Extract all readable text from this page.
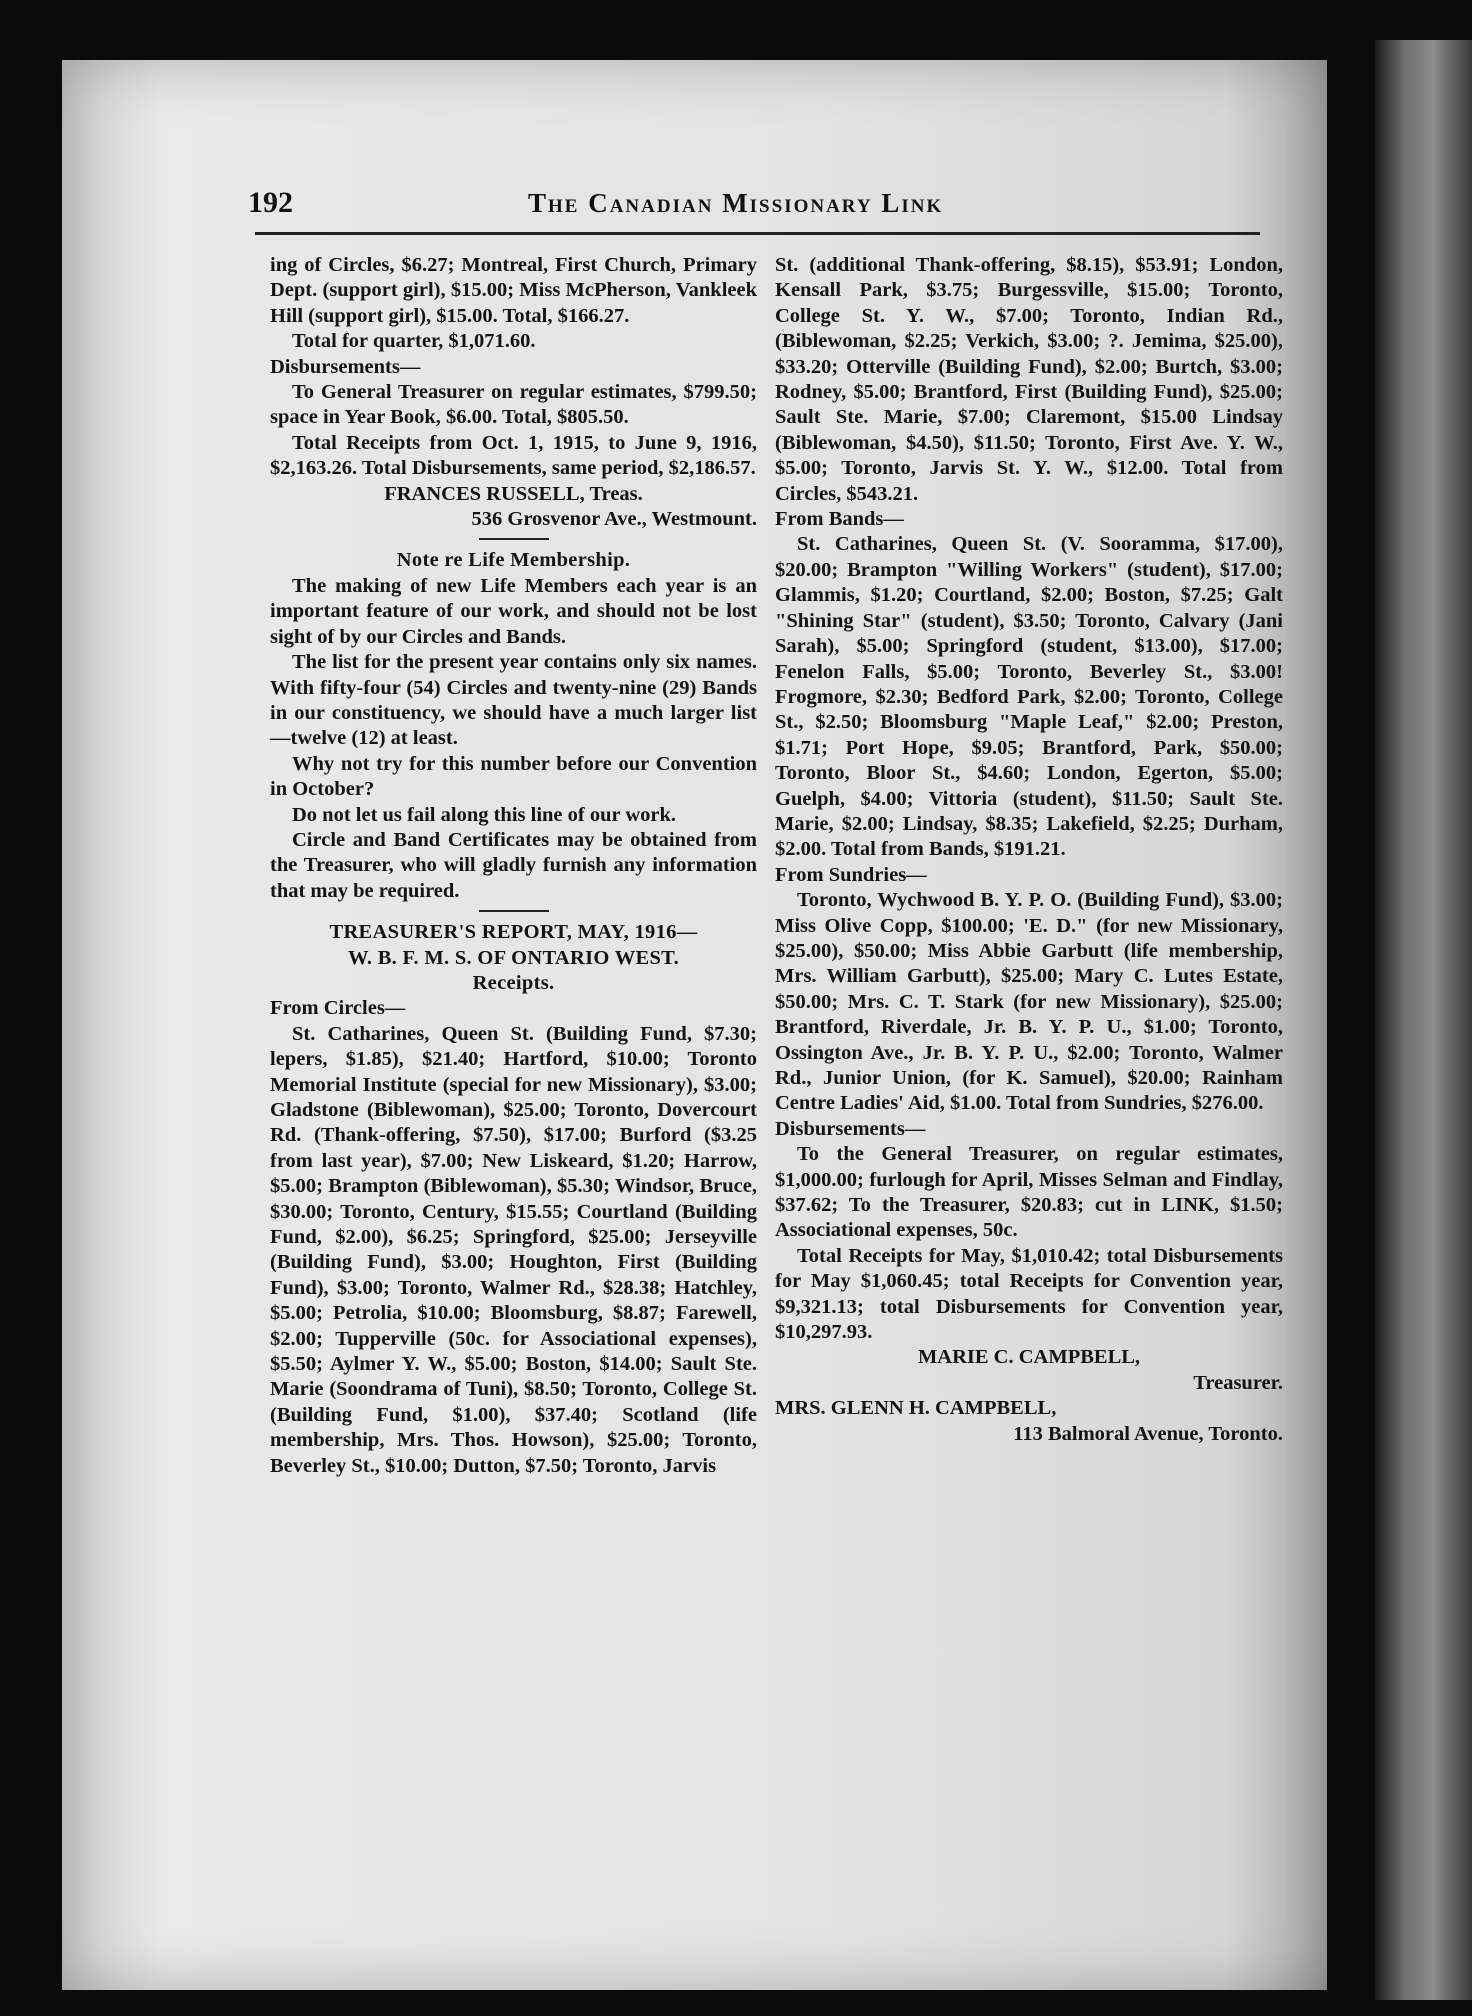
192	The Canadian Missionary Link

ing of Circles, $6.27; Montreal, First Church, Primary Dept. (support girl), $15.00; Miss McPherson, Vankleek Hill (support girl), $15.00. Total, $166.27.

Total for quarter, $1,071.60.

Disbursements—

To General Treasurer on regular estimates, $799.50; space in Year Book, $6.00. Total, $805.50.

Total Receipts from Oct. 1, 1915, to June 9, 1916, $2,163.26. Total Disbursements, same period, $2,186.57.

FRANCES RUSSELL, Treas.

536 Grosvenor Ave., Westmount.

Note re Life Membership.

The making of new Life Members each year is an important feature of our work, and should not be lost sight of by our Circles and Bands.

The list for the present year contains only six names. With fifty-four (54) Circles and twenty-nine (29) Bands in our constituency, we should have a much larger list—twelve (12) at least.

Why not try for this number before our Convention in October?

Do not let us fail along this line of our work.

Circle and Band Certificates may be obtained from the Treasurer, who will gladly furnish any information that may be required.

TREASURER'S REPORT, MAY, 1916—

W. B. F. M. S. OF ONTARIO WEST.

Receipts.

From Circles—

St. Catharines, Queen St. (Building Fund, $7.30; lepers, $1.85), $21.40; Hartford, $10.00; Toronto Memorial Institute (special for new Missionary), $3.00; Gladstone (Biblewoman), $25.00; Toronto, Dovercourt Rd. (Thank-offering, $7.50), $17.00; Burford ($3.25 from last year), $7.00; New Liskeard, $1.20; Harrow, $5.00; Brampton (Biblewoman), $5.30; Windsor, Bruce, $30.00; Toronto, Century, $15.55; Courtland (Building Fund, $2.00), $6.25; Springford, $25.00; Jerseyville (Building Fund), $3.00; Houghton, First (Building Fund), $3.00; Toronto, Walmer Rd., $28.38; Hatchley, $5.00; Petrolia, $10.00; Bloomsburg, $8.87; Farewell, $2.00; Tupperville (50c. for Associational expenses), $5.50; Aylmer Y. W., $5.00; Boston, $14.00; Sault Ste. Marie (Soondrama of Tuni), $8.50; Toronto, College St. (Building Fund, $1.00), $37.40; Scotland (life membership, Mrs. Thos. Howson), $25.00; Toronto, Beverley St., $10.00; Dutton, $7.50; Toronto, Jarvis

St. (additional Thank-offering, $8.15), $53.91; London, Kensall Park, $3.75; Burgessville, $15.00; Toronto, College St. Y. W., $7.00; Toronto, Indian Rd., (Biblewoman, $2.25; Verkich, $3.00; ?. Jemima, $25.00), $33.20; Otterville (Building Fund), $2.00; Burtch, $3.00; Rodney, $5.00; Brantford, First (Building Fund), $25.00; Sault Ste. Marie, $7.00; Claremont, $15.00 Lindsay (Biblewoman, $4.50), $11.50; Toronto, First Ave. Y. W., $5.00; Toronto, Jarvis St. Y. W., $12.00. Total from Circles, $543.21.

From Bands—

St. Catharines, Queen St. (V. Sooramma, $17.00), $20.00; Brampton "Willing Workers" (student), $17.00; Glammis, $1.20; Courtland, $2.00; Boston, $7.25; Galt "Shining Star" (student), $3.50; Toronto, Calvary (Jani Sarah), $5.00; Springford (student, $13.00), $17.00; Fenelon Falls, $5.00; Toronto, Beverley St., $3.00! Frogmore, $2.30; Bedford Park, $2.00; Toronto, College St., $2.50; Bloomsburg "Maple Leaf," $2.00; Preston, $1.71; Port Hope, $9.05; Brantford, Park, $50.00; Toronto, Bloor St., $4.60; London, Egerton, $5.00; Guelph, $4.00; Vittoria (student), $11.50; Sault Ste. Marie, $2.00; Lindsay, $8.35; Lakefield, $2.25; Durham, $2.00. Total from Bands, $191.21.

From Sundries—

Toronto, Wychwood B. Y. P. O. (Building Fund), $3.00; Miss Olive Copp, $100.00; 'E. D." (for new Missionary, $25.00), $50.00; Miss Abbie Garbutt (life membership, Mrs. William Garbutt), $25.00; Mary C. Lutes Estate, $50.00; Mrs. C. T. Stark (for new Missionary), $25.00; Brantford, Riverdale, Jr. B. Y. P. U., $1.00; Toronto, Ossington Ave., Jr. B. Y. P. U., $2.00; Toronto, Walmer Rd., Junior Union, (for K. Samuel), $20.00; Rainham Centre Ladies' Aid, $1.00. Total from Sundries, $276.00.

Disbursements—

To the General Treasurer, on regular estimates, $1,000.00; furlough for April, Misses Selman and Findlay, $37.62; To the Treasurer, $20.83; cut in LINK, $1.50; Associational expenses, 50c.

Total Receipts for May, $1,010.42; total Disbursements for May $1,060.45; total Receipts for Convention year, $9,321.13; total Disbursements for Convention year, $10,297.93.

MARIE C. CAMPBELL,

Treasurer.

MRS. GLENN H. CAMPBELL,

113 Balmoral Avenue, Toronto.
